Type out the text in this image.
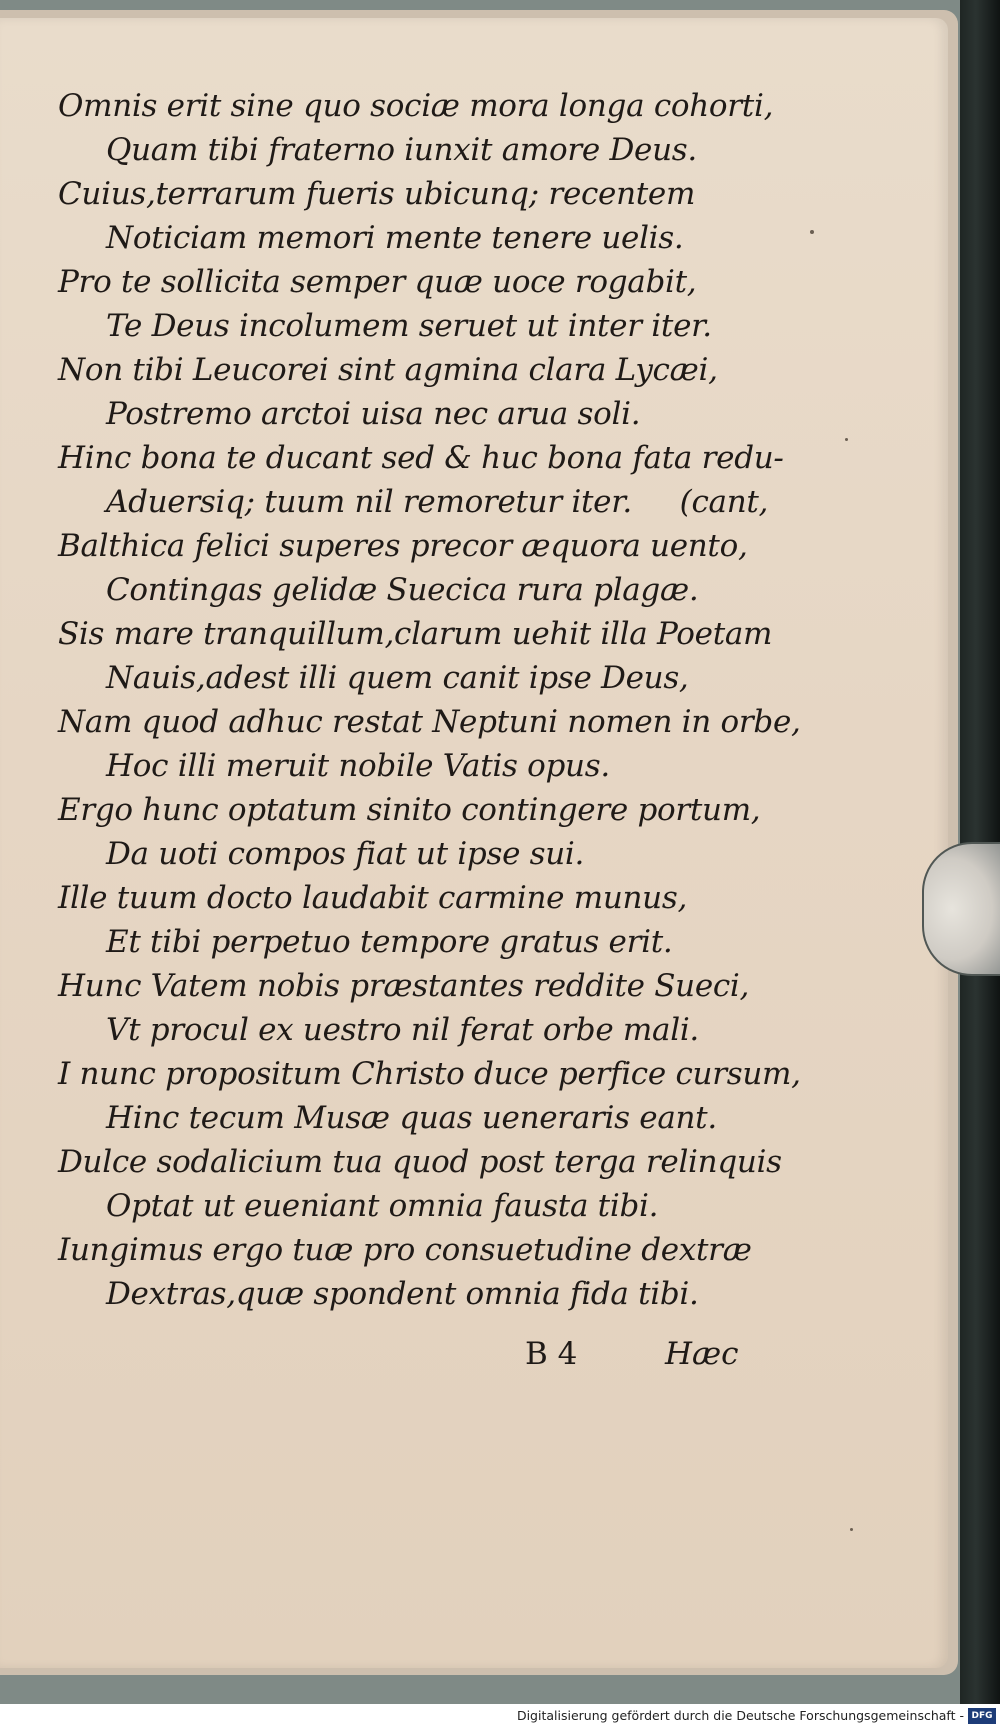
Omnis erit sine quo sociæ mora longa cohorti,
Quam tibi fraterno iunxit amore Deus.
Cuius,terrarum fueris ubicunq; recentem
Noticiam memori mente tenere uelis.
Pro te sollicita semper quæ uoce rogabit,
Te Deus incolumem seruet ut inter iter.
Non tibi Leucorei sint agmina clara Lycæi,
Postremo arctoi uisa nec arua soli.
Hinc bona te ducant sed & huc bona fata redu-
Aduersiq; tuum nil remoretur iter.     (cant,
Balthica felici superes precor æquora uento,
Contingas gelidæ Suecica rura plagæ.
Sis mare tranquillum,clarum uehit illa Poetam
Nauis,adest illi quem canit ipse Deus,
Nam quod adhuc restat Neptuni nomen in orbe,
Hoc illi meruit nobile Vatis opus.
Ergo hunc optatum sinito contingere portum,
Da uoti compos fiat ut ipse sui.
Ille tuum docto laudabit carmine munus,
Et tibi perpetuo tempore gratus erit.
Hunc Vatem nobis præstantes reddite Sueci,
Vt procul ex uestro nil ferat orbe mali.
I nunc propositum Christo duce perfice cursum,
Hinc tecum Musæ quas ueneraris eant.
Dulce sodalicium tua quod post terga relinquis
Optat ut eueniant omnia fausta tibi.
Iungimus ergo tuæ pro consuetudine dextræ
Dextras,quæ spondent omnia fida tibi.
B 4	Hæc
Digitalisierung gefördert durch die Deutsche Forschungsgemeinschaft - DFG
